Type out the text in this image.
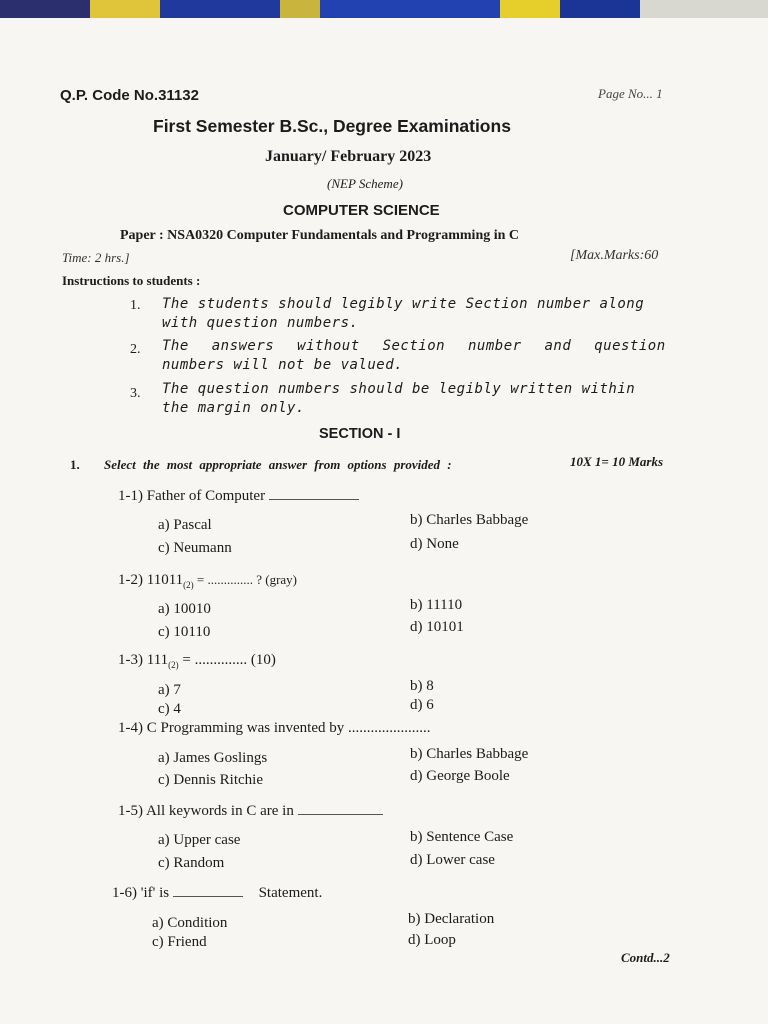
Q.P. Code No.31132	Page No... 1
First Semester B.Sc., Degree Examinations
January/ February 2023
(NEP Scheme)
COMPUTER SCIENCE
Paper : NSA0320 Computer Fundamentals and Programming in C
Time: 2 hrs.]	[Max.Marks:60
Instructions to students :
1. The students should legibly write Section number along
with question numbers.
2. The answers without Section number and question
numbers will not be valued.
3. The question numbers should be legibly written within
the margin only.
SECTION - I
1. Select the most appropriate answer from options provided :	10X 1= 10 Marks
1-1) Father of Computer
a) Pascal	b) Charles Babbage
c) Neumann	d) None
1-2) $11011_{(2)}$ = .............. ? (gray)
a) 10010	b) 11110
c) 10110	d) 10101
1-3) $111_{(2)}$ = .............. (10)
a) 7	b) 8
c) 4	d) 6
1-4) C Programming was invented by ......................
a) James Goslings	b) Charles Babbage
c) Dennis Ritchie	d) George Boole
1-5) All keywords in C are in
a) Upper case	b) Sentence Case
c) Random	d) Lower case
1-6) 'if' is	Statement.
a) Condition	b) Declaration
c) Friend	d) Loop
Contd...2
